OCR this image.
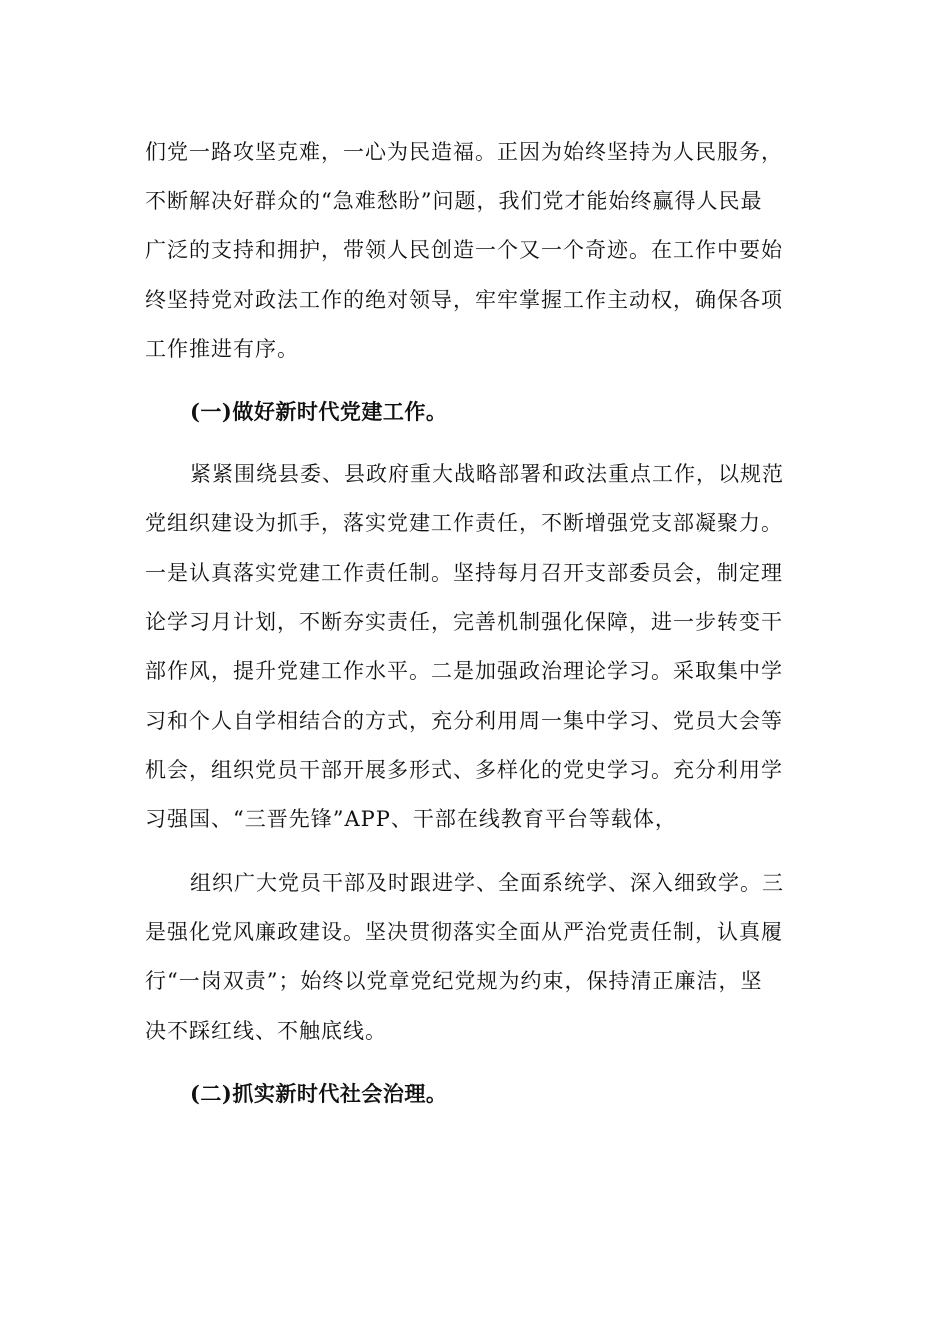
们党一路攻坚克难，一心为民造福。正因为始终坚持为人民服务，
不断解决好群众的“急难愁盼”问题，我们党才能始终赢得人民最
广泛的支持和拥护，带领人民创造一个又一个奇迹。在工作中要始
终坚持党对政法工作的绝对领导，牢牢掌握工作主动权，确保各项
工作推进有序。
(一)做好新时代党建工作。
紧紧围绕县委、县政府重大战略部署和政法重点工作，以规范
党组织建设为抓手，落实党建工作责任，不断增强党支部凝聚力。
一是认真落实党建工作责任制。坚持每月召开支部委员会，制定理
论学习月计划，不断夯实责任，完善机制强化保障，进一步转变干
部作风，提升党建工作水平。二是加强政治理论学习。采取集中学
习和个人自学相结合的方式，充分利用周一集中学习、党员大会等
机会，组织党员干部开展多形式、多样化的党史学习。充分利用学
习强国、“三晋先锋”APP、干部在线教育平台等载体，
组织广大党员干部及时跟进学、全面系统学、深入细致学。三
是强化党风廉政建设。坚决贯彻落实全面从严治党责任制，认真履
行“一岗双责”；始终以党章党纪党规为约束，保持清正廉洁，坚
决不踩红线、不触底线。
(二)抓实新时代社会治理。
